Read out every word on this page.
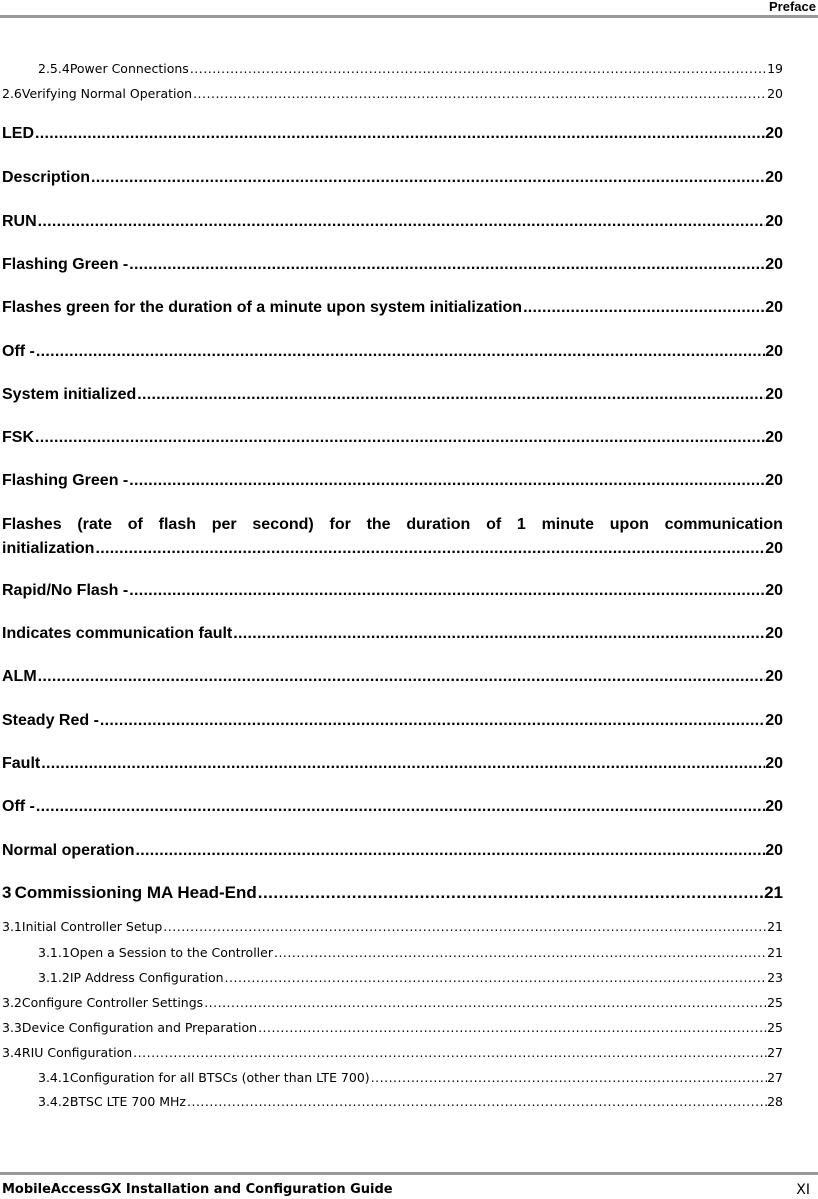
Preface
2.5.4 Power Connections .....	19
2.6 Verifying Normal Operation .....	20
LED .....	20
Description .....	20
RUN .....	20
Flashing Green - .....	20
Flashes green for the duration of a minute upon system initialization .....	20
Off - .....	20
System initialized .....	20
FSK .....	20
Flashing Green - .....	20
Flashes (rate of flash per second) for the duration of 1 minute upon communication
initialization .....	20
Rapid/No Flash - .....	20
Indicates communication fault .....	20
ALM .....	20
Steady Red - .....	20
Fault .....	20
Off - .....	20
Normal operation .....	20
3 Commissioning MA Head-End .....	21
3.1 Initial Controller Setup .....	21
3.1.1 Open a Session to the Controller .....	21
3.1.2 IP Address Configuration .....	23
3.2 Configure Controller Settings .....	25
3.3 Device Configuration and Preparation .....	25
3.4 RIU Configuration .....	27
3.4.1 Configuration for all BTSCs (other than LTE 700) .....	27
3.4.2 BTSC LTE 700 MHz .....	28
MobileAccessGX Installation and Configuration Guide	XI
